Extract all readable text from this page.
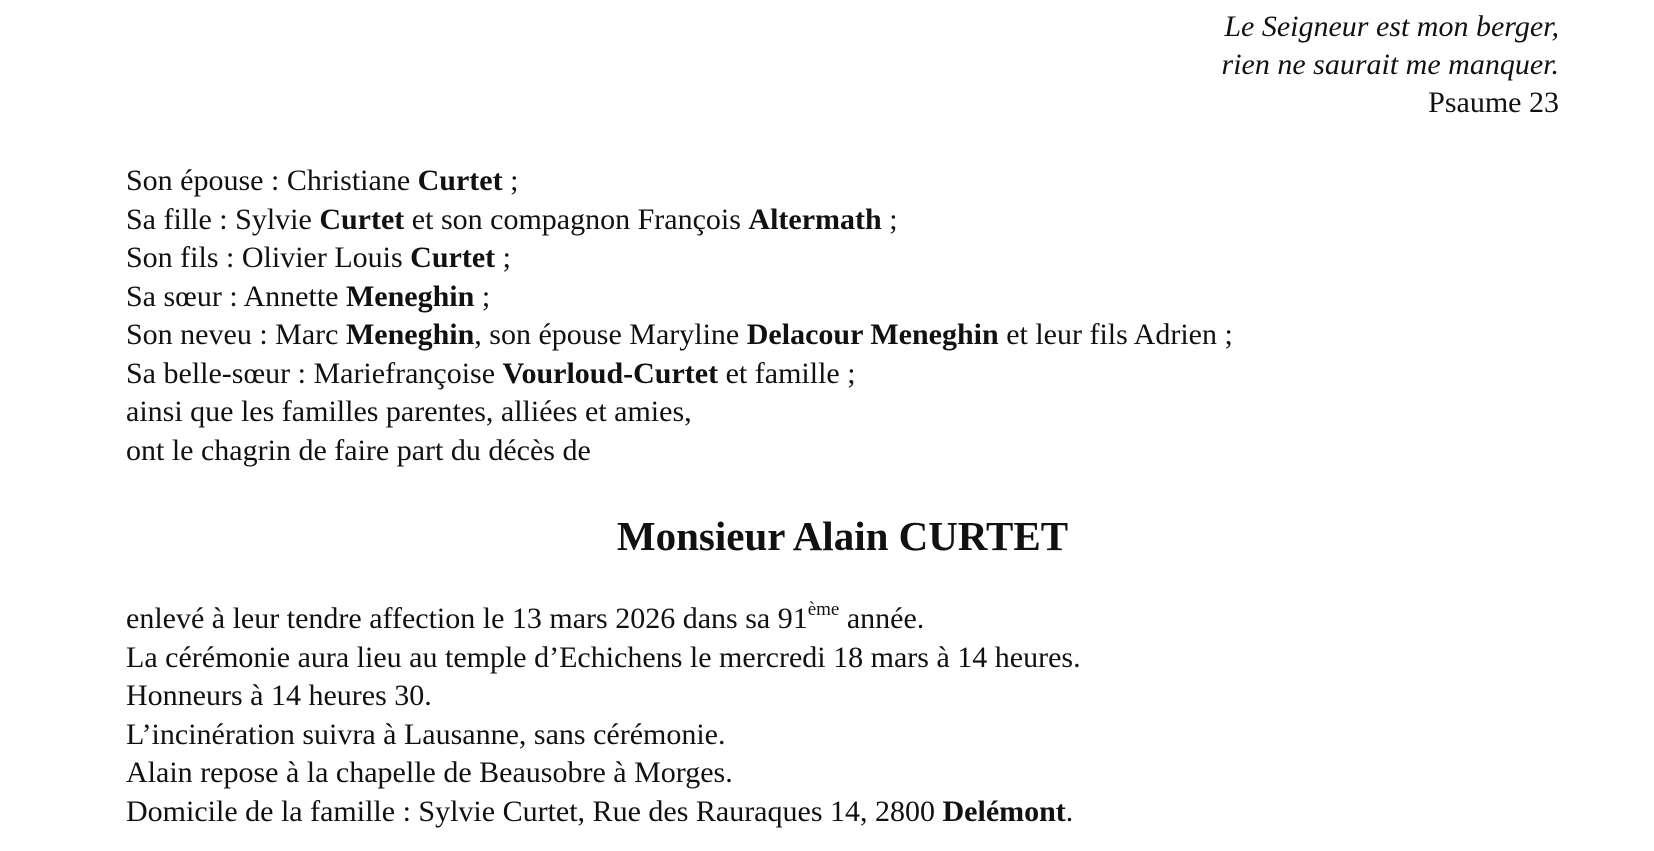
Le Seigneur est mon berger,
rien ne saurait me manquer.
Psaume 23
Son épouse : Christiane Curtet ;
Sa fille : Sylvie Curtet et son compagnon François Altermath ;
Son fils : Olivier Louis Curtet ;
Sa sœur : Annette Meneghin ;
Son neveu : Marc Meneghin, son épouse Maryline Delacour Meneghin et leur fils Adrien ;
Sa belle-sœur : Mariefrançoise Vourloud-Curtet et famille ;
ainsi que les familles parentes, alliées et amies,
ont le chagrin de faire part du décès de
Monsieur Alain CURTET
enlevé à leur tendre affection le 13 mars 2026 dans sa 91ème année.
La cérémonie aura lieu au temple d’Echichens le mercredi 18 mars à 14 heures.
Honneurs à 14 heures 30.
L’incinération suivra à Lausanne, sans cérémonie.
Alain repose à la chapelle de Beausobre à Morges.
Domicile de la famille : Sylvie Curtet, Rue des Rauraques 14, 2800 Delémont.
